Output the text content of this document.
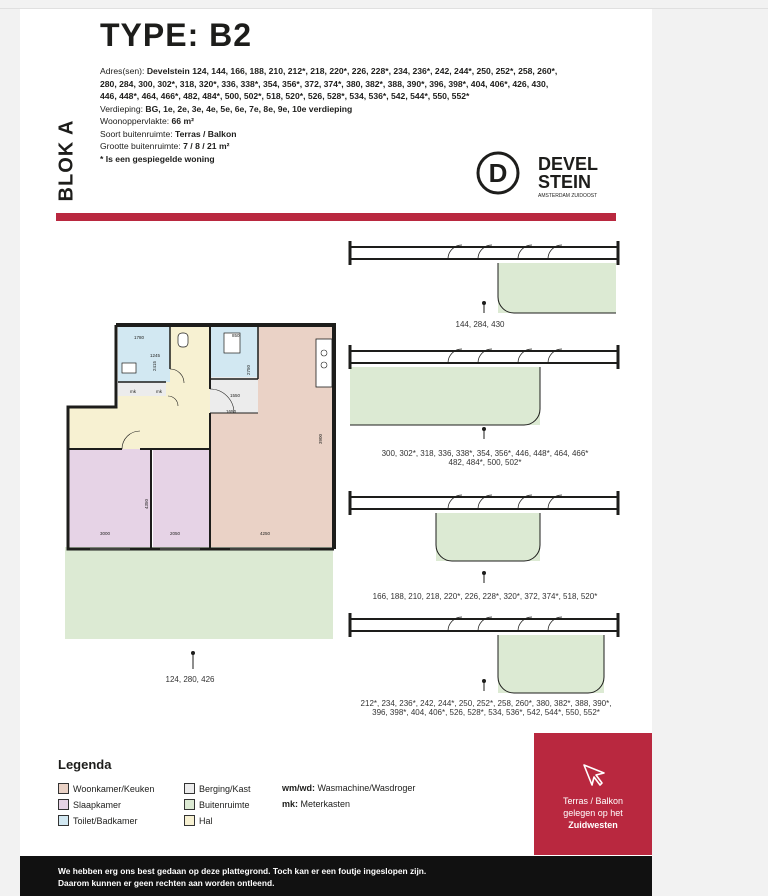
BLOK A
TYPE: B2
Adres(sen): Develstein 124, 144, 166, 188, 210, 212*, 218, 220*, 226, 228*, 234, 236*, 242, 244*, 250, 252*, 258, 260*, 280, 284, 300, 302*, 318, 320*, 336, 338*, 354, 356*, 372, 374*, 380, 382*, 388, 390*, 396, 398*, 404, 406*, 426, 430, 446, 448*, 464, 466*, 482, 484*, 500, 502*, 518, 520*, 526, 528*, 534, 536*, 542, 544*, 550, 552*
Verdieping: BG, 1e, 2e, 3e, 4e, 5e, 6e, 7e, 8e, 9e, 10e verdieping
Woonoppervlakte: 66 m²
Soort buitenruimte: Terras / Balkon
Grootte buitenruimte: 7 / 8 / 21 m²
* Is een gespiegelde woning	D DEVEL
STEIN
AMSTERDAM ZUIDOOST
1780
1245
2415
850
2750
1550
1650
3900
4350
4250
3000	2050
mk	mk
124, 280, 426
144, 284, 430
300, 302*, 318, 336, 338*, 354, 356*, 446, 448*, 464, 466*
482, 484*, 500, 502*
166, 188, 210, 218, 220*, 226, 228*, 320*, 372, 374*, 518, 520*
212*, 234, 236*, 242, 244*, 250, 252*, 258, 260*, 380, 382*, 388, 390*,
396, 398*, 404, 406*, 526, 528*, 534, 536*, 542, 544*, 550, 552*
Legenda
Woonkamer/Keuken
Slaapkamer
Toilet/Badkamer
Berging/Kast
Buitenruimte
Hal
wm/wd: Wasmachine/Wasdroger
mk: Meterkasten	Terras / Balkon
gelegen op het
Zuidwesten
We hebben erg ons best gedaan op deze plattegrond. Toch kan er een foutje ingeslopen zijn.
Daarom kunnen er geen rechten aan worden ontleend.
